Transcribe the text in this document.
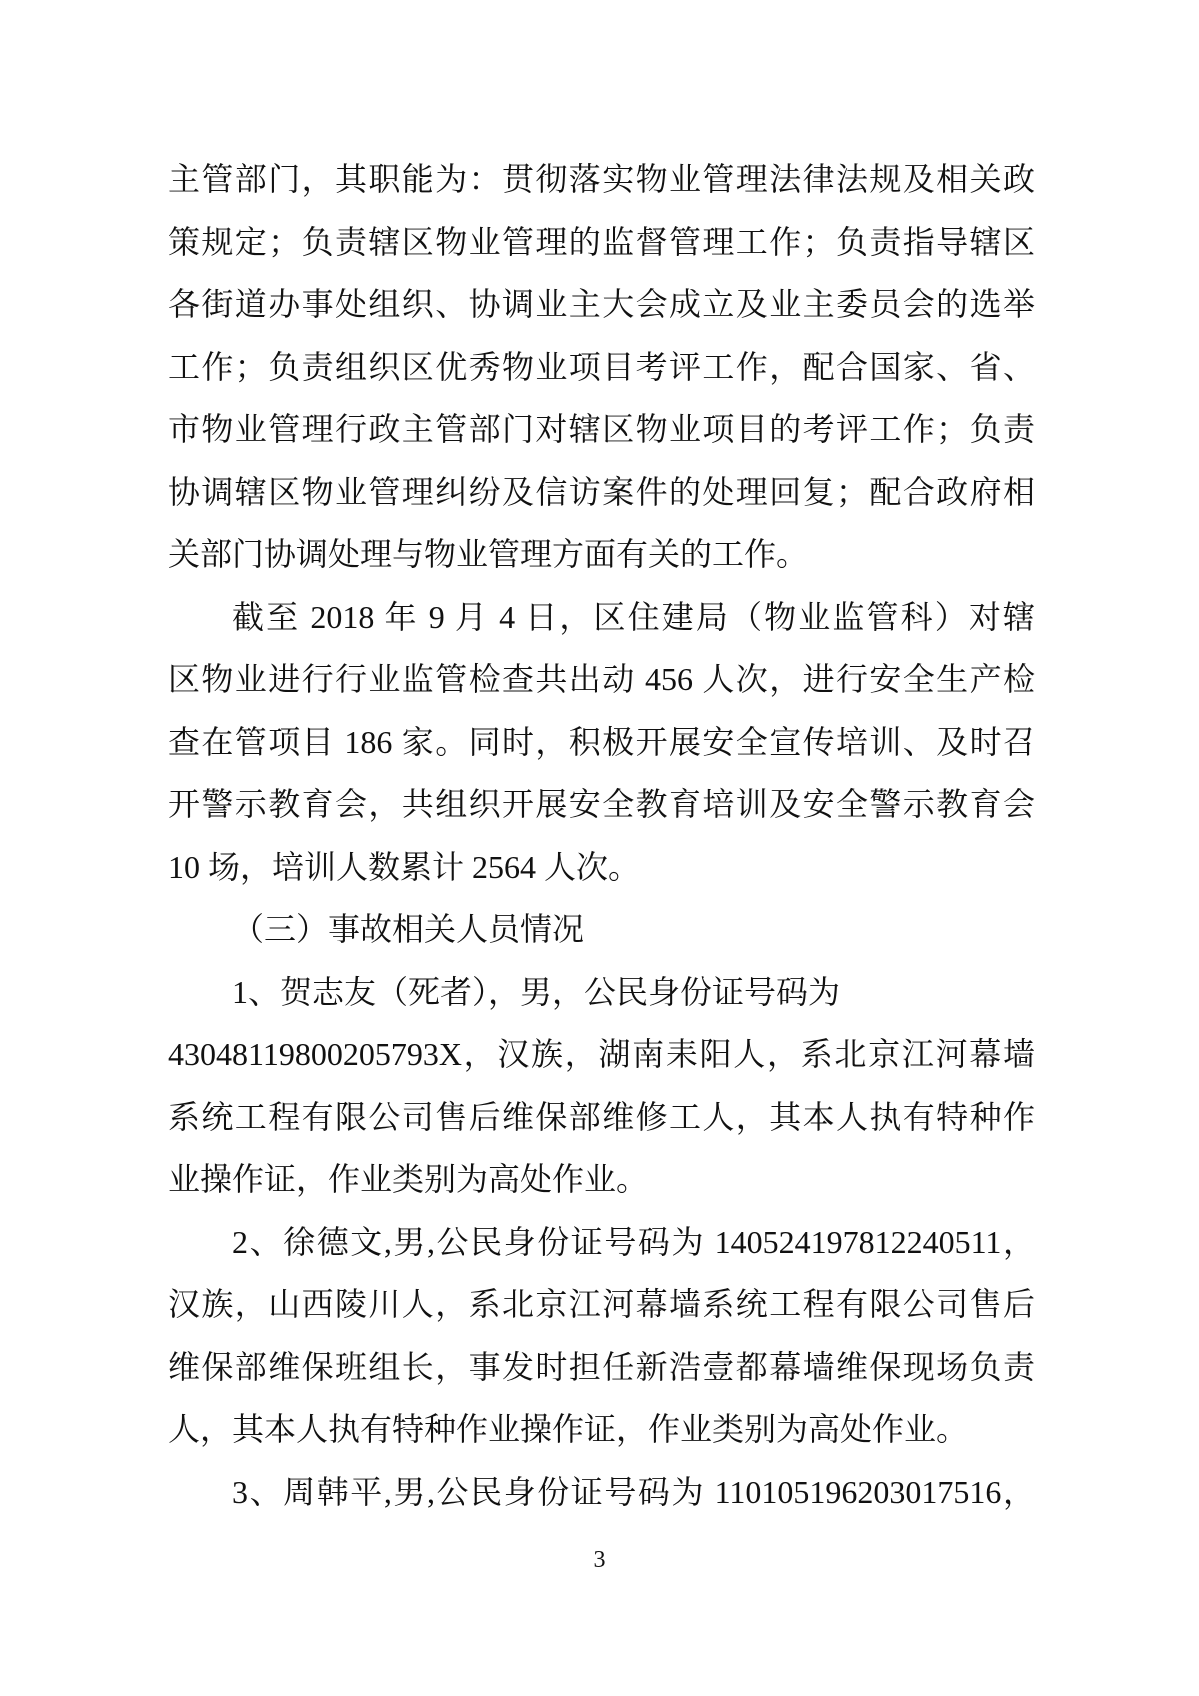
主管部门，其职能为：贯彻落实物业管理法律法规及相关政
策规定；负责辖区物业管理的监督管理工作；负责指导辖区
各街道办事处组织、协调业主大会成立及业主委员会的选举
工作；负责组织区优秀物业项目考评工作，配合国家、省、
市物业管理行政主管部门对辖区物业项目的考评工作；负责
协调辖区物业管理纠纷及信访案件的处理回复；配合政府相
关部门协调处理与物业管理方面有关的工作。
截至 2018 年 9 月 4 日，区住建局（物业监管科）对辖
区物业进行行业监管检查共出动 456 人次，进行安全生产检
查在管项目 186 家。同时，积极开展安全宣传培训、及时召
开警示教育会，共组织开展安全教育培训及安全警示教育会
10 场，培训人数累计 2564 人次。
（三）事故相关人员情况
1、贺志友（死者），男，公民身份证号码为
43048119800205793X，汉族，湖南耒阳人，系北京江河幕墙
系统工程有限公司售后维保部维修工人，其本人执有特种作
业操作证，作业类别为高处作业。
2、徐德文,男,公民身份证号码为 140524197812240511，
汉族，山西陵川人，系北京江河幕墙系统工程有限公司售后
维保部维保班组长，事发时担任新浩壹都幕墙维保现场负责
人，其本人执有特种作业操作证，作业类别为高处作业。
3、周韩平,男,公民身份证号码为 110105196203017516，
3
